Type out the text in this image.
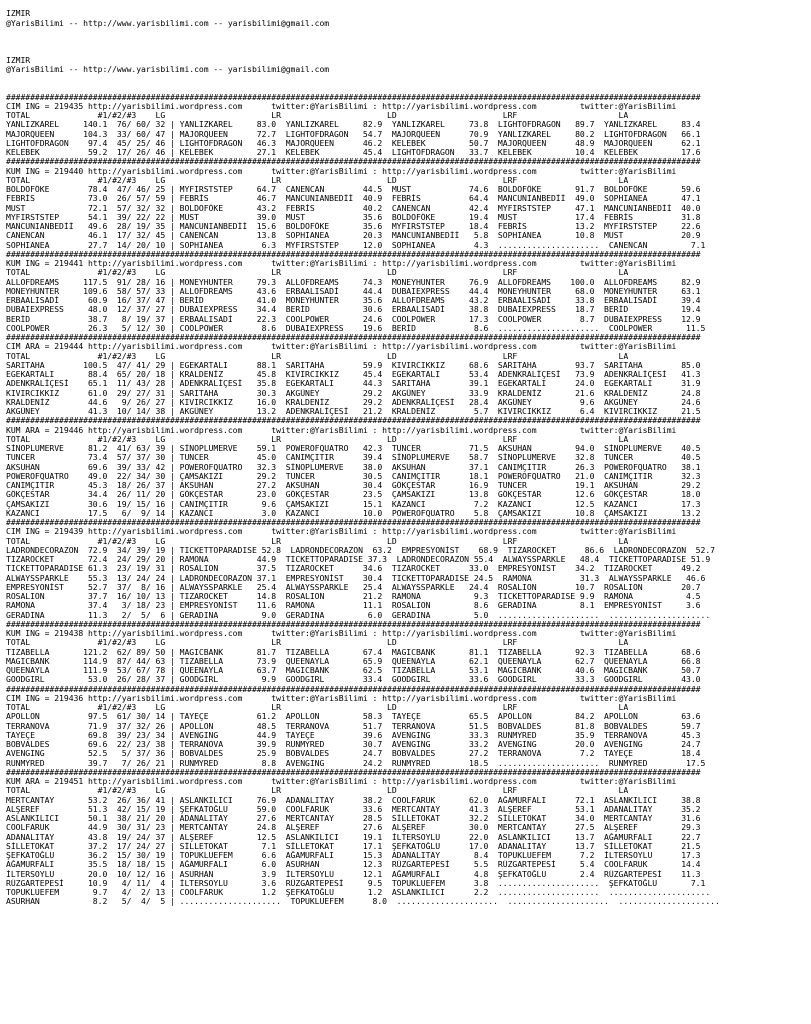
IZMIR
@YarisBilimi -- http://www.yarisbilimi.com -- yarisbilimi@gmail.com
IZMIR
@YarisBilimi -- http://www.yarisbilimi.com -- yarisbilimi@gmail.com
################################################################################################################################################
CIM ING = 219435 http://yarisbilimi.wordpress.com      twitter:@YarisBilimi : http://yarisbilimi.wordpress.com         twitter:@YarisBilimi
TOTAL              #1/#2/#3    LG                      LR                      LD                      LRF                     LA
YANLIZKAREL     140.1  76/ 60/ 32 | YANLIZKAREL     83.0  YANLIZKAREL     82.9  YANLIZKAREL     73.8  LIGHTOFDRAGON   89.7  YANLIZKAREL     83.4
MAJORQUEEN      104.3  33/ 60/ 47 | MAJORQUEEN      72.7  LIGHTOFDRAGON   54.7  MAJORQUEEN      70.9  YANLIZKAREL     80.2  LIGHTOFDRAGON   66.1
LIGHTOFDRAGON    97.4  45/ 25/ 46 | LIGHTOFDRAGON   46.3  MAJORQUEEN      46.2  KELEBEK         50.7  MAJORQUEEN      48.9  MAJORQUEEN      62.1
KELEBEK          59.2  17/ 26/ 46 | KELEBEK         27.1  KELEBEK         45.4  LIGHTOFDRAGON   33.7  KELEBEK         10.4  KELEBEK         17.6
################################################################################################################################################
KUM ING = 219440 http://yarisbilimi.wordpress.com      twitter:@YarisBilimi : http://yarisbilimi.wordpress.com         twitter:@YarisBilimi
TOTAL              #1/#2/#3    LG                      LR                      LD                      LRF                     LA
BOLDOFÖKE        78.4  47/ 46/ 25 | MYFIRSTSTEP     64.7  CANENCAN        44.5  MUST            74.6  BOLDOFÖKE       91.7  BOLDOFÖKE       59.6
FEBRİS           73.0  26/ 57/ 59 | FEBRİS          46.7  MANCUNIANBEDİİ  40.9  FEBRİS          64.4  MANCUNIANBEDİİ  49.0  SOPHIANEA       47.1
MUST             72.1  57/ 32/ 32 | BOLDOFÖKE       43.2  FEBRİS          40.2  CANENCAN        42.4  MYFIRSTSTEP     47.1  MANCUNIANBEDİİ  40.0
MYFIRSTSTEP      54.1  39/ 22/ 22 | MUST            39.0  MUST            35.6  BOLDOFÖKE       19.4  MUST            17.4  FEBRİS          31.8
MANCUNIANBEDİİ   49.6  28/ 19/ 35 | MANCUNIANBEDİİ  15.6  BOLDOFÖKE       35.6  MYFIRSTSTEP     18.4  FEBRİS          13.2  MYFIRSTSTEP     22.6
CANENCAN         46.1  17/ 32/ 45 | CANENCAN        13.8  SOPHIANEA       20.3  MANCUNIANBEDİİ   5.8  SOPHIANEA       10.8  MUST            20.9
SOPHIANEA        27.7  14/ 20/ 10 | SOPHIANEA        6.3  MYFIRSTSTEP     12.0  SOPHIANEA        4.3  .....................  CANENCAN         7.1
################################################################################################################################################
KUM ING = 219441 http://yarisbilimi.wordpress.com      twitter:@YarisBilimi : http://yarisbilimi.wordpress.com         twitter:@YarisBilimi
TOTAL              #1/#2/#3    LG                      LR                      LD                      LRF                     LA
ALLOFDREAMS     117.5  91/ 28/ 16 | MONEYHUNTER     79.3  ALLOFDREAMS     74.3  MONEYHUNTER     76.9  ALLOFDREAMS    100.0  ALLOFDREAMS     82.9
MONEYHUNTER     109.6  58/ 57/ 33 | ALLOFDREAMS     43.6  ERBAALISADİ     44.4  DUBAIEXPRESS    44.4  MONEYHUNTER     68.0  MONEYHUNTER     63.1
ERBAALISADİ      60.9  16/ 37/ 47 | BERİD           41.0  MONEYHUNTER     35.6  ALLOFDREAMS     43.2  ERBAALISADİ     33.8  ERBAALISADİ     39.4
DUBAIEXPRESS     48.0  12/ 37/ 27 | DUBAIEXPRESS    34.4  BERİD           30.6  ERBAALISADİ     38.8  DUBAIEXPRESS    18.7  BERİD           19.4
BERİD            38.7   8/ 19/ 37 | ERBAALISADİ     22.3  COOLPOWER       24.6  COOLPOWER       17.3  COOLPOWER        8.7  DUBAIEXPRESS    12.9
COOLPOWER        26.3   5/ 12/ 30 | COOLPOWER        8.6  DUBAIEXPRESS    19.6  BERİD            8.6  .....................  COOLPOWER       11.5
################################################################################################################################################
CIM ARA = 219444 http://yarisbilimi.wordpress.com      twitter:@YarisBilimi : http://yarisbilimi.wordpress.com         twitter:@YarisBilimi
TOTAL              #1/#2/#3    LG                      LR                      LD                      LRF                     LA
SARITAHA        100.5  47/ 41/ 29 | EGEKARTALI      88.1  SARITAHA        59.9  KIVIRCIKKIZ     68.6  SARITAHA        93.7  SARITAHA        85.0
EGEKARTALI       88.4  65/ 20/ 18 | KRALDENİZ       45.8  KIVIRCIKKIZ     45.4  EGEKARTALI      53.4  ADENKRALİÇESİ   73.9  ADENKRALİÇESİ   41.3
ADENKRALİÇESİ    65.1  11/ 43/ 28 | ADENKRALİÇESİ   35.8  EGEKARTALI      44.3  SARITAHA        39.1  EGEKARTALI      24.0  EGEKARTALI      31.9
KIVIRCIKKIZ      61.0  29/ 27/ 31 | SARITAHA        30.3  AKGÜNEY         29.2  AKGÜNEY         33.9  KRALDENİZ       21.6  KRALDENİZ       24.8
KRALDENİZ        44.6   9/ 26/ 27 | KIVIRCIKKIZ     16.0  KRALDENİZ       29.2  ADENKRALİÇESİ   28.4  AKGÜNEY          9.6  AKGÜNEY         24.6
AKGÜNEY          41.3  10/ 14/ 38 | AKGÜNEY         13.2  ADENKRALİÇESİ   21.2  KRALDENİZ        5.7  KIVIRCIKKIZ      6.4  KIVIRCIKKIZ     21.5
################################################################################################################################################
KUM ARA = 219446 http://yarisbilimi.wordpress.com      twitter:@YarisBilimi : http://yarisbilimi.wordpress.com         twitter:@YarisBilimi
TOTAL              #1/#2/#3    LG                      LR                      LD                      LRF                     LA
SİNOPLUMERVE     81.2  41/ 63/ 39 | SİNOPLUMERVE    59.1  POWEROFQUATRO   42.3  TUNCER          71.5  AKSUHAN         94.0  SİNOPLUMERVE    40.5
TUNCER           73.4  57/ 37/ 30 | TUNCER          45.0  CANIMÇITIR      39.4  SİNOPLUMERVE    58.7  SİNOPLUMERVE    32.8  TUNCER          40.5
AKSUHAN          69.6  39/ 33/ 42 | POWEROFQUATRO   32.3  SİNOPLUMERVE    38.0  AKSUHAN         37.1  CANIMÇITIR      26.3  POWEROFQUATRO   38.1
POWEROFQUATRO    49.0  22/ 34/ 30 | ÇAMSAKIZI       29.2  TUNCER          30.5  CANIMÇITIR      18.1  POWEROFQUATRO   21.0  CANIMÇITIR      32.3
CANIMÇITIR       45.3  18/ 26/ 37 | AKSUHAN         27.2  AKSUHAN         30.4  GÖKÇESTAR       16.9  TUNCER          19.1  AKSUHAN         29.2
GÖKÇESTAR        34.4  26/ 11/ 20 | GÖKÇESTAR       23.0  GÖKÇESTAR       23.5  ÇAMSAKIZI       13.8  GÖKÇESTAR       12.6  GÖKÇESTAR       18.0
ÇAMSAKIZI        30.6  19/ 15/ 16 | CANIMÇITIR       9.6  ÇAMSAKIZI       15.1  KAZANCI          7.2  KAZANCI         12.5  KAZANCI         17.3
KAZANCI          17.5   6/  9/ 14 | KAZANCI          3.0  KAZANCI         10.0  POWEROFQUATRO    5.8  ÇAMSAKIZI       10.8  ÇAMSAKIZI       13.2
################################################################################################################################################
CIM ING = 219439 http://yarisbilimi.wordpress.com      twitter:@YarisBilimi : http://yarisbilimi.wordpress.com         twitter:@YarisBilimi
TOTAL              #1/#2/#3    LG                      LR                      LD                      LRF                     LA
LADRONDECORAZON  72.9  34/ 39/ 19 | TICKETTOPARADISE 52.8  LADRONDECORAZON  63.2  EMPRESYONİST    68.9  TIZAROCKET      86.6  LADRONDECORAZON  52.7
TIZAROCKET       72.4  24/ 29/ 20 | RAMONA          44.9  TICKETTOPARADISE 37.3  LADRONDECORAZON 55.4  ALWAYSSPARKLE   48.4  TICKETTOPARADISE 51.9
TICKETTOPARADISE 61.3  23/ 19/ 31 | ROSALION        37.5  TIZAROCKET      34.6  TIZAROCKET      33.0  EMPRESYONİST    34.2  TIZAROCKET      49.2
ALWAYSSPARKLE    55.3  13/ 24/ 24 | LADRONDECORAZON 37.1  EMPRESYONİST    30.4  TICKETTOPARADISE 24.5  RAMONA          31.3  ALWAYSSPARKLE   46.6
EMPRESYONİST     52.7  37/  8/ 16 | ALWAYSSPARKLE   25.4  ALWAYSSPARKLE   25.4  ALWAYSSPARKLE   24.4  ROSALION        10.7  ROSALION        20.7
ROSALION         37.7  16/ 10/ 13 | TIZAROCKET      14.8  ROSALION        21.2  RAMONA           9.3  TICKETTOPARADISE 9.9  RAMONA           4.5
RAMONA           37.4   3/ 18/ 23 | EMPRESYONİST    11.6  RAMONA          11.1  ROSALION         8.6  GERADINA         8.1  EMPRESYONİST     3.6
GERADINA         11.3   2/  5/  6 | GERADINA         9.0  GERADINA         6.0  GERADINA         5.0  .....................  .....................
################################################################################################################################################
KUM ING = 219438 http://yarisbilimi.wordpress.com      twitter:@YarisBilimi : http://yarisbilimi.wordpress.com         twitter:@YarisBilimi
TOTAL              #1/#2/#3    LG                      LR                      LD                      LRF                     LA
TIZABELLA       121.2  62/ 89/ 50 | MAGICBANK       81.7  TIZABELLA       67.4  MAGICBANK       81.1  TIZABELLA       92.3  TIZABELLA       68.6
MAGICBANK       114.9  87/ 44/ 63 | TIZABELLA       73.9  QUEENAYLA       65.9  QUEENAYLA       62.1  QUEENAYLA       62.7  QUEENAYLA       66.8
QUEENAYLA       111.9  53/ 67/ 78 | QUEENAYLA       63.7  MAGICBANK       62.5  TIZABELLA       53.1  MAGICBANK       40.6  MAGICBANK       50.7
GOODGIRL         53.0  26/ 28/ 37 | GOODGIRL         9.9  GOODGIRL        33.4  GOODGIRL        33.6  GOODGIRL        33.3  GOODGIRL        43.0
################################################################################################################################################
CIM ING = 219436 http://yarisbilimi.wordpress.com      twitter:@YarisBilimi : http://yarisbilimi.wordpress.com         twitter:@YarisBilimi
TOTAL              #1/#2/#3    LG                      LR                      LD                      LRF                     LA
APOLLON          97.5  61/ 30/ 14 | TAYEÇE          61.2  APOLLON         58.3  TAYEÇE          65.5  APOLLON         84.2  APOLLON         63.6
TERRANOVA        71.9  37/ 32/ 26 | APOLLON         48.5  TERRANOVA       51.7  TERRANOVA       51.5  BOBVALDES       81.8  BOBVALDES       59.7
TAYEÇE           69.8  39/ 23/ 34 | AVENGING        44.9  TAYEÇE          39.6  AVENGING        33.3  RUNMYRED        35.9  TERRANOVA       45.3
BOBVALDES        69.6  22/ 23/ 38 | TERRANOVA       39.9  RUNMYRED        30.7  AVENGING        33.2  AVENGING        20.0  AVENGING        24.7
AVENGING         52.5   5/ 37/ 36 | BOBVALDES       25.9  BOBVALDES       24.7  BOBVALDES       27.2  TERRANOVA        7.2  TAYEÇE          18.4
RUNMYRED         39.7   7/ 26/ 21 | RUNMYRED         8.8  AVENGING        24.2  RUNMYRED        18.5  .....................  RUNMYRED        17.5
################################################################################################################################################
KUM ARA = 219451 http://yarisbilimi.wordpress.com      twitter:@YarisBilimi : http://yarisbilimi.wordpress.com         twitter:@YarisBilimi
TOTAL              #1/#2/#3    LG                      LR                      LD                      LRF                     LA
MERTCANTAY       53.2  26/ 36/ 41 | ASLANKILICI     76.9  ADANALITAY      38.2  COOLFARUK       62.0  AĞAMURFALI      72.1  ASLANKILICI     38.8
ALŞEREF          51.3  42/ 15/ 19 | ŞEFKATOĞLU      59.0  COOLFARUK       33.6  MERTCANTAY      41.3  ALŞEREF         53.1  ADANALITAY      35.2
ASLANKILICI      50.1  38/ 21/ 20 | ADANALITAY      27.6  MERTCANTAY      28.5  SİLLETOKAT      32.2  SİLLETOKAT      34.0  MERTCANTAY      31.6
COOLFARUK        44.9  30/ 31/ 23 | MERTCANTAY      24.8  ALŞEREF         27.6  ALŞEREF         30.0  MERTCANTAY      27.5  ALŞEREF         29.3
ADANALITAY       43.8  19/ 24/ 37 | ALŞEREF         12.5  ASLANKILICI     19.1  İLTERSOYLU      22.0  ASLANKILICI     13.7  AĞAMURFALI      22.7
SİLLETOKAT       37.2  17/ 24/ 27 | SİLLETOKAT       7.1  SİLLETOKAT      17.1  ŞEFKATOĞLU      17.0  ADANALITAY      13.7  SİLLETOKAT      21.5
ŞEFKATOĞLU       36.2  15/ 30/ 19 | TOPUKLUEFEM      6.6  AĞAMURFALI      15.3  ADANALITAY       8.4  TOPUKLUEFEM      7.2  İLTERSOYLU      17.3
AĞAMURFALI       35.5  18/ 18/ 15 | AĞAMURFALI       6.0  ASURHAN         12.3  RÜZGARTEPESİ     5.5  RÜZGARTEPESİ     5.4  COOLFARUK       14.4
İLTERSOYLU       20.0  10/ 12/ 16 | ASURHAN          3.9  İLTERSOYLU      12.1  AĞAMURFALI       4.8  ŞEFKATOĞLU       2.4  RÜZGARTEPESİ    11.3
RÜZGARTEPESİ     10.9   4/ 11/  4 | İLTERSOYLU       3.6  RÜZGARTEPESİ     9.5  TOPUKLUEFEM      3.8  .....................  ŞEFKATOĞLU       7.1
TOPUKLUEFEM       9.7   4/  2/ 13 | COOLFARUK        1.2  ŞEFKATOĞLU       1.2  ASLANKILICI      2.2  .....................  .....................
ASURHAN           8.2   5/  4/  5 | .....................  TOPUKLUEFEM      8.0  .....................  .....................  .....................
